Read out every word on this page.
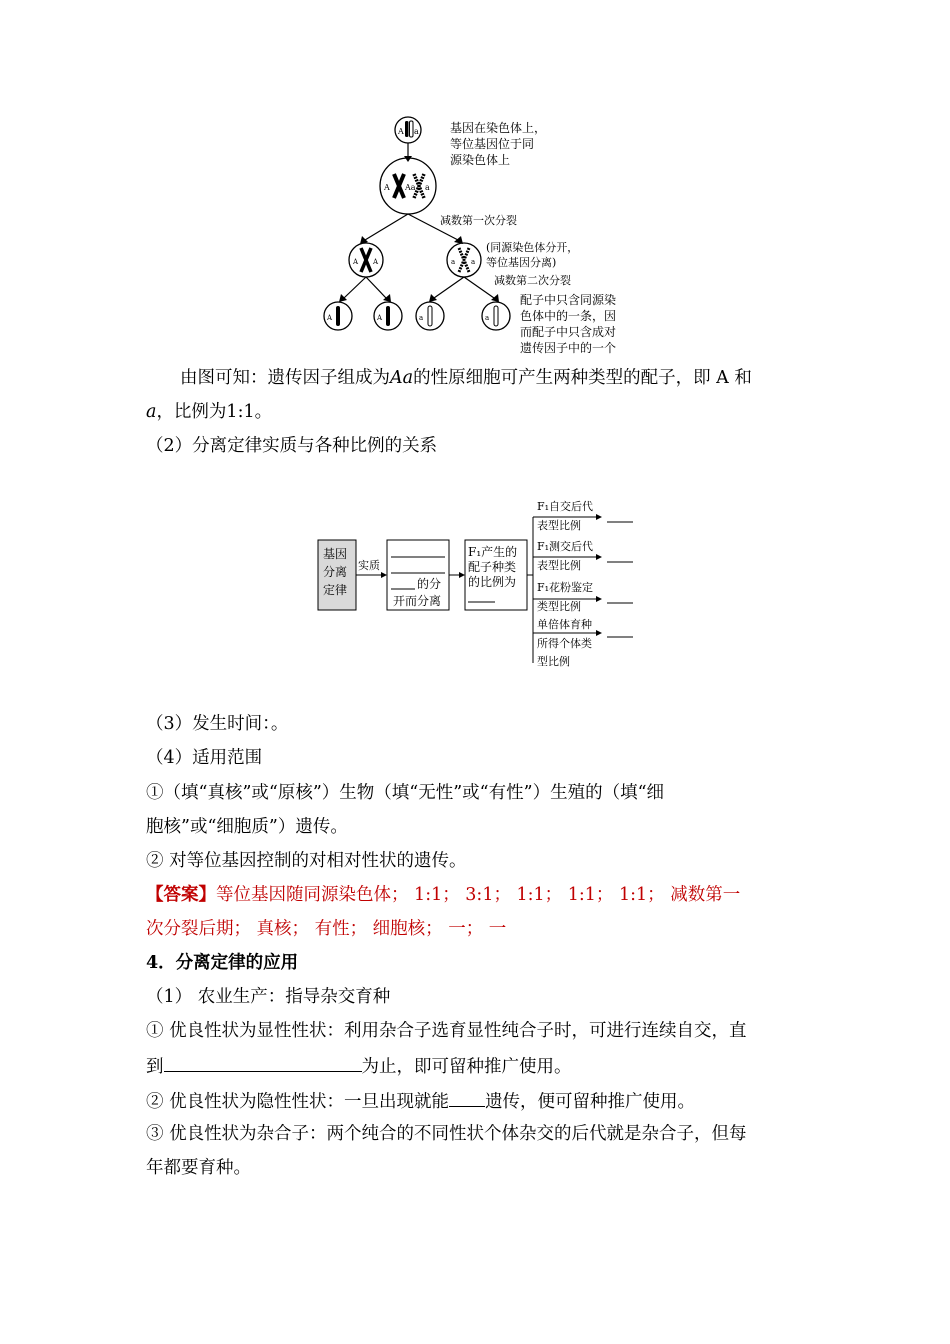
A a
A Aa a
A A	a a
A	A	a	a
基因在染色体上，
等位基因位于同
源染色体上
减数第一次分裂
(同源染色体分开，
等位基因分离)
减数第二次分裂
配子中只含同源染
色体中的一条，因
而配子中只含成对
遗传因子中的一个
由图可知：遗传因子组成为Aa的性原细胞可产生两种类型的配子，即 A 和
a，比例为1:1。
（2）分离定律实质与各种比例的关系
基因
分离
定律
实质
的分
开而分离
F₁产生的
配子种类
的比例为
F₁自交后代
表型比例
F₁测交后代
表型比例
F₁花粉鉴定
类型比例
单倍体育种
所得个体类
型比例
（3）发生时间：。
（4）适用范围
①（填“真核”或“原核”）生物（填“无性”或“有性”）生殖的（填“细
胞核”或“细胞质”）遗传。
② 对等位基因控制的对相对性状的遗传。
【答案】等位基因随同源染色体； 1:1； 3:1； 1:1； 1:1； 1:1； 减数第一
次分裂后期； 真核； 有性； 细胞核； 一； 一
4．分离定律的应用
（1） 农业生产：指导杂交育种
① 优良性状为显性性状：利用杂合子选育显性纯合子时，可进行连续自交，直
到	为止，即可留种推广使用。
② 优良性状为隐性性状：一旦出现就能 遗传，便可留种推广使用。
③ 优良性状为杂合子：两个纯合的不同性状个体杂交的后代就是杂合子，但每
年都要育种。
